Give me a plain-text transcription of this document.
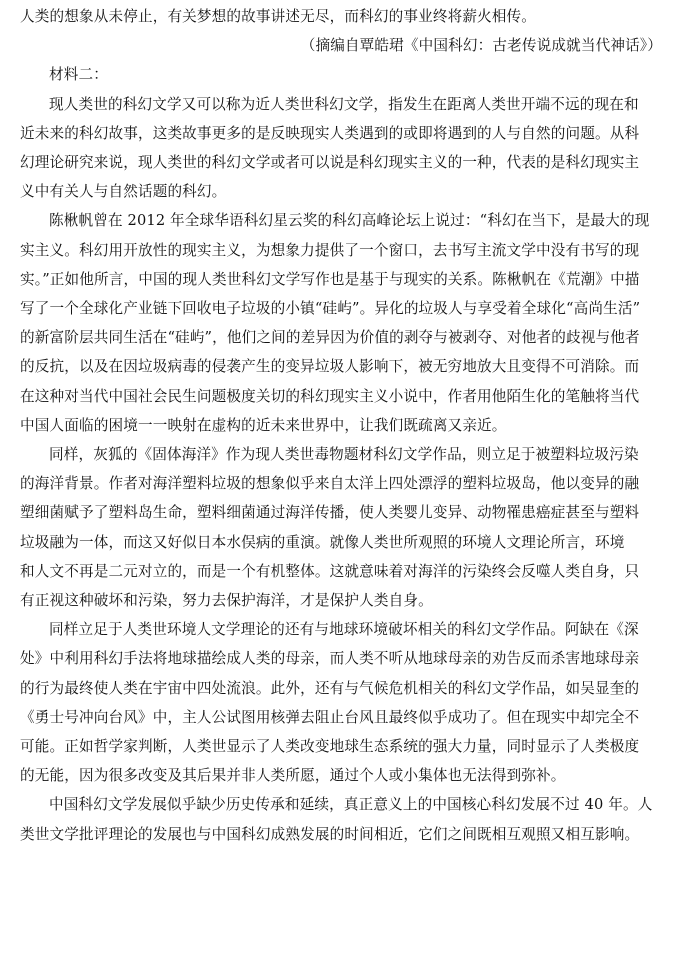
人类的想象从未停止，有关梦想的故事讲述无尽，而科幻的事业终将薪火相传。
（摘编自覃皓珺《中国科幻：古老传说成就当代神话》）
材料二：
现人类世的科幻文学又可以称为近人类世科幻文学，指发生在距离人类世开端不远的现在和
近未来的科幻故事，这类故事更多的是反映现实人类遇到的或即将遇到的人与自然的问题。从科
幻理论研究来说，现人类世的科幻文学或者可以说是科幻现实主义的一种，代表的是科幻现实主
义中有关人与自然话题的科幻。
陈楸帆曾在 2012 年全球华语科幻星云奖的科幻高峰论坛上说过：“科幻在当下，是最大的现
实主义。科幻用开放性的现实主义，为想象力提供了一个窗口，去书写主流文学中没有书写的现
实。”正如他所言，中国的现人类世科幻文学写作也是基于与现实的关系。陈楸帆在《荒潮》中描
写了一个全球化产业链下回收电子垃圾的小镇“硅屿”。异化的垃圾人与享受着全球化“高尚生活”
的新富阶层共同生活在“硅屿”，他们之间的差异因为价值的剥夺与被剥夺、对他者的歧视与他者
的反抗，以及在因垃圾病毒的侵袭产生的变异垃圾人影响下，被无穷地放大且变得不可消除。而
在这种对当代中国社会民生问题极度关切的科幻现实主义小说中，作者用他陌生化的笔触将当代
中国人面临的困境一一映射在虚构的近未来世界中，让我们既疏离又亲近。
同样，灰狐的《固体海洋》作为现人类世毒物题材科幻文学作品，则立足于被塑料垃圾污染
的海洋背景。作者对海洋塑料垃圾的想象似乎来自太洋上四处漂浮的塑料垃圾岛，他以变异的融
塑细菌赋予了塑料岛生命，塑料细菌通过海洋传播，使人类婴儿变异、动物罹患癌症甚至与塑料
垃圾融为一体，而这又好似日本水俣病的重演。就像人类世所观照的环境人文理论所言，环境
和人文不再是二元对立的，而是一个有机整体。这就意味着对海洋的污染终会反噬人类自身，只
有正视这种破坏和污染，努力去保护海洋，才是保护人类自身。
同样立足于人类世环境人文学理论的还有与地球环境破坏相关的科幻文学作品。阿缺在《深
处》中利用科幻手法将地球描绘成人类的母亲，而人类不听从地球母亲的劝告反而杀害地球母亲
的行为最终使人类在宇宙中四处流浪。此外，还有与气候危机相关的科幻文学作品，如吴显奎的
《勇士号冲向台风》中，主人公试图用核弹去阻止台风且最终似乎成功了。但在现实中却完全不
可能。正如哲学家判断，人类世显示了人类改变地球生态系统的强大力量，同时显示了人类极度
的无能，因为很多改变及其后果并非人类所愿，通过个人或小集体也无法得到弥补。
中国科幻文学发展似乎缺少历史传承和延续，真正意义上的中国核心科幻发展不过 40 年。人
类世文学批评理论的发展也与中国科幻成熟发展的时间相近，它们之间既相互观照又相互影响。
